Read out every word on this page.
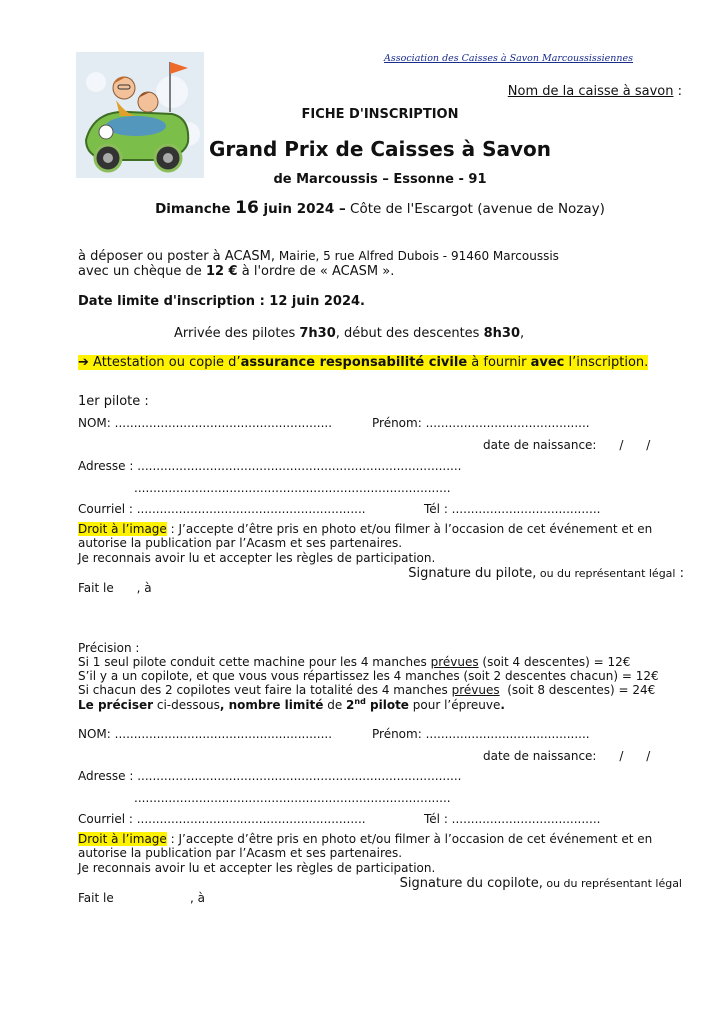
Association des Caisses à Savon Marcoussissiennes
Nom de la caisse à savon :
FICHE D'INSCRIPTION
Grand Prix de Caisses à Savon
de Marcoussis – Essonne - 91
Dimanche 16 juin 2024 – Côte de l'Escargot (avenue de Nozay)
à déposer ou poster à ACASM, Mairie, 5 rue Alfred Dubois - 91460 Marcoussis
avec un chèque de 12 € à l'ordre de « ACASM ».
Date limite d'inscription : 12 juin 2024.
Arrivée des pilotes 7h30, début des descentes 8h30,
➔ Attestation ou copie d’assurance responsabilité civile à fournir avec l’inscription.
1er pilote :
NOM: .........................................................	Prénom: ...........................................
date de naissance:      /      /
Adresse : .....................................................................................
...................................................................................
Courriel : ............................................................	Tél : .......................................
Droit à l’image : J’accepte d’être pris en photo et/ou filmer à l’occasion de cet événement et en
autorise la publication par l’Acasm et ses partenaires.
Je reconnais avoir lu et accepter les règles de participation.
Signature du pilote, ou du représentant légal :
Fait le      , à
Précision :
Si 1 seul pilote conduit cette machine pour les 4 manches prévues (soit 4 descentes) = 12€
S’il y a un copilote, et que vous vous répartissez les 4 manches (soit 2 descentes chacun) = 12€
Si chacun des 2 copilotes veut faire la totalité des 4 manches prévues  (soit 8 descentes) = 24€
Le préciser ci-dessous, nombre limité de 2nd pilote pour l’épreuve.
NOM: .........................................................	Prénom: ...........................................
date de naissance:      /      /
Adresse : .....................................................................................
...................................................................................
Courriel : ............................................................	Tél : .......................................
Droit à l’image : J’accepte d’être pris en photo et/ou filmer à l’occasion de cet événement et en
autorise la publication par l’Acasm et ses partenaires.
Je reconnais avoir lu et accepter les règles de participation.
Signature du copilote, ou du représentant légal
Fait le                    , à
